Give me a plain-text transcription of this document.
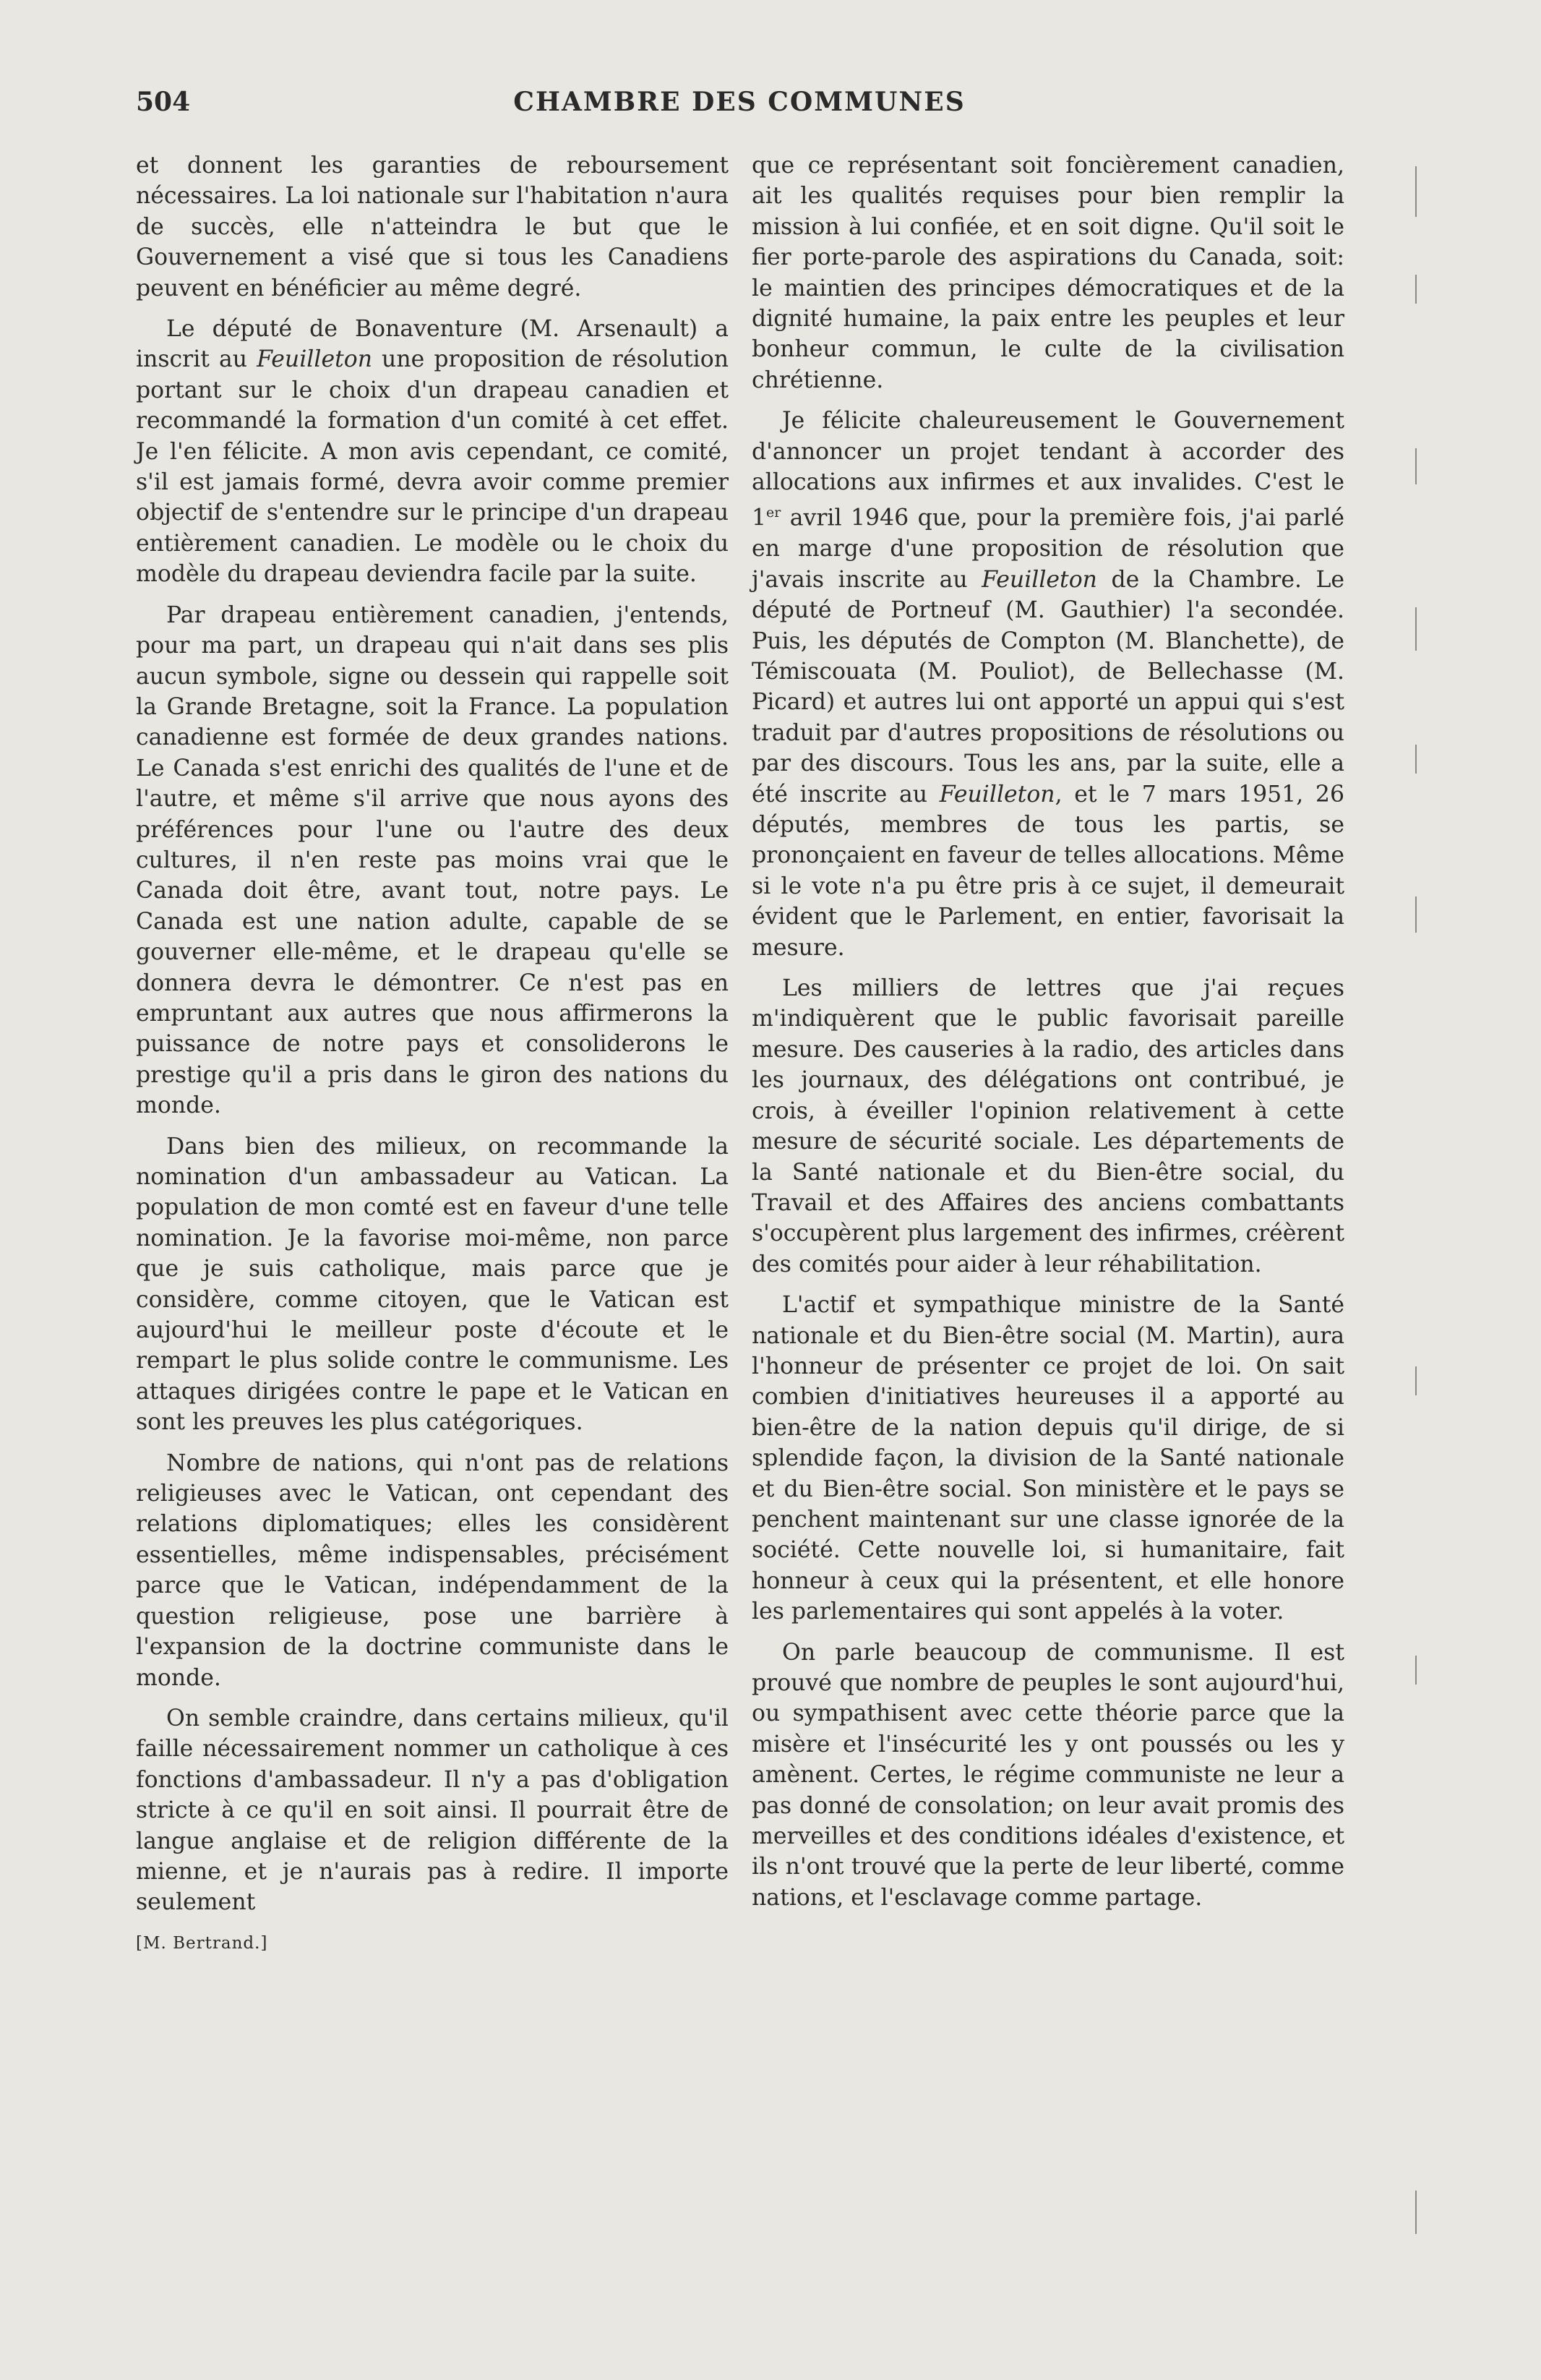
504	CHAMBRE DES COMMUNES

et donnent les garanties de reboursement nécessaires. La loi nationale sur l'habitation n'aura de succès, elle n'atteindra le but que le Gouvernement a visé que si tous les Canadiens peuvent en bénéficier au même degré.

Le député de Bonaventure (M. Arsenault) a inscrit au Feuilleton une proposition de résolution portant sur le choix d'un drapeau canadien et recommandé la formation d'un comité à cet effet. Je l'en félicite. A mon avis cependant, ce comité, s'il est jamais formé, devra avoir comme premier objectif de s'entendre sur le principe d'un drapeau entièrement canadien. Le modèle ou le choix du modèle du drapeau deviendra facile par la suite.

Par drapeau entièrement canadien, j'entends, pour ma part, un drapeau qui n'ait dans ses plis aucun symbole, signe ou dessein qui rappelle soit la Grande Bretagne, soit la France. La population canadienne est formée de deux grandes nations. Le Canada s'est enrichi des qualités de l'une et de l'autre, et même s'il arrive que nous ayons des préférences pour l'une ou l'autre des deux cultures, il n'en reste pas moins vrai que le Canada doit être, avant tout, notre pays. Le Canada est une nation adulte, capable de se gouverner elle-même, et le drapeau qu'elle se donnera devra le démontrer. Ce n'est pas en empruntant aux autres que nous affirmerons la puissance de notre pays et consoliderons le prestige qu'il a pris dans le giron des nations du monde.

Dans bien des milieux, on recommande la nomination d'un ambassadeur au Vatican. La population de mon comté est en faveur d'une telle nomination. Je la favorise moi-même, non parce que je suis catholique, mais parce que je considère, comme citoyen, que le Vatican est aujourd'hui le meilleur poste d'écoute et le rempart le plus solide contre le communisme. Les attaques dirigées contre le pape et le Vatican en sont les preuves les plus catégoriques.

Nombre de nations, qui n'ont pas de relations religieuses avec le Vatican, ont cependant des relations diplomatiques; elles les considèrent essentielles, même indispensables, précisément parce que le Vatican, indépendamment de la question religieuse, pose une barrière à l'expansion de la doctrine communiste dans le monde.

On semble craindre, dans certains milieux, qu'il faille nécessairement nommer un catholique à ces fonctions d'ambassadeur. Il n'y a pas d'obligation stricte à ce qu'il en soit ainsi. Il pourrait être de langue anglaise et de religion différente de la mienne, et je n'aurais pas à redire. Il importe seulement

[M. Bertrand.]

que ce représentant soit foncièrement canadien, ait les qualités requises pour bien remplir la mission à lui confiée, et en soit digne. Qu'il soit le fier porte-parole des aspirations du Canada, soit: le maintien des principes démocratiques et de la dignité humaine, la paix entre les peuples et leur bonheur commun, le culte de la civilisation chrétienne.

Je félicite chaleureusement le Gouvernement d'annoncer un projet tendant à accorder des allocations aux infirmes et aux invalides. C'est le 1er avril 1946 que, pour la première fois, j'ai parlé en marge d'une proposition de résolution que j'avais inscrite au Feuilleton de la Chambre. Le député de Portneuf (M. Gauthier) l'a secondée. Puis, les députés de Compton (M. Blanchette), de Témiscouata (M. Pouliot), de Bellechasse (M. Picard) et autres lui ont apporté un appui qui s'est traduit par d'autres propositions de résolutions ou par des discours. Tous les ans, par la suite, elle a été inscrite au Feuilleton, et le 7 mars 1951, 26 députés, membres de tous les partis, se prononçaient en faveur de telles allocations. Même si le vote n'a pu être pris à ce sujet, il demeurait évident que le Parlement, en entier, favorisait la mesure.

Les milliers de lettres que j'ai reçues m'indiquèrent que le public favorisait pareille mesure. Des causeries à la radio, des articles dans les journaux, des délégations ont contribué, je crois, à éveiller l'opinion relativement à cette mesure de sécurité sociale. Les départements de la Santé nationale et du Bien-être social, du Travail et des Affaires des anciens combattants s'occupèrent plus largement des infirmes, créèrent des comités pour aider à leur réhabilitation.

L'actif et sympathique ministre de la Santé nationale et du Bien-être social (M. Martin), aura l'honneur de présenter ce projet de loi. On sait combien d'initiatives heureuses il a apporté au bien-être de la nation depuis qu'il dirige, de si splendide façon, la division de la Santé nationale et du Bien-être social. Son ministère et le pays se penchent maintenant sur une classe ignorée de la société. Cette nouvelle loi, si humanitaire, fait honneur à ceux qui la présentent, et elle honore les parlementaires qui sont appelés à la voter.

On parle beaucoup de communisme. Il est prouvé que nombre de peuples le sont aujourd'hui, ou sympathisent avec cette théorie parce que la misère et l'insécurité les y ont poussés ou les y amènent. Certes, le régime communiste ne leur a pas donné de consolation; on leur avait promis des merveilles et des conditions idéales d'existence, et ils n'ont trouvé que la perte de leur liberté, comme nations, et l'esclavage comme partage.
